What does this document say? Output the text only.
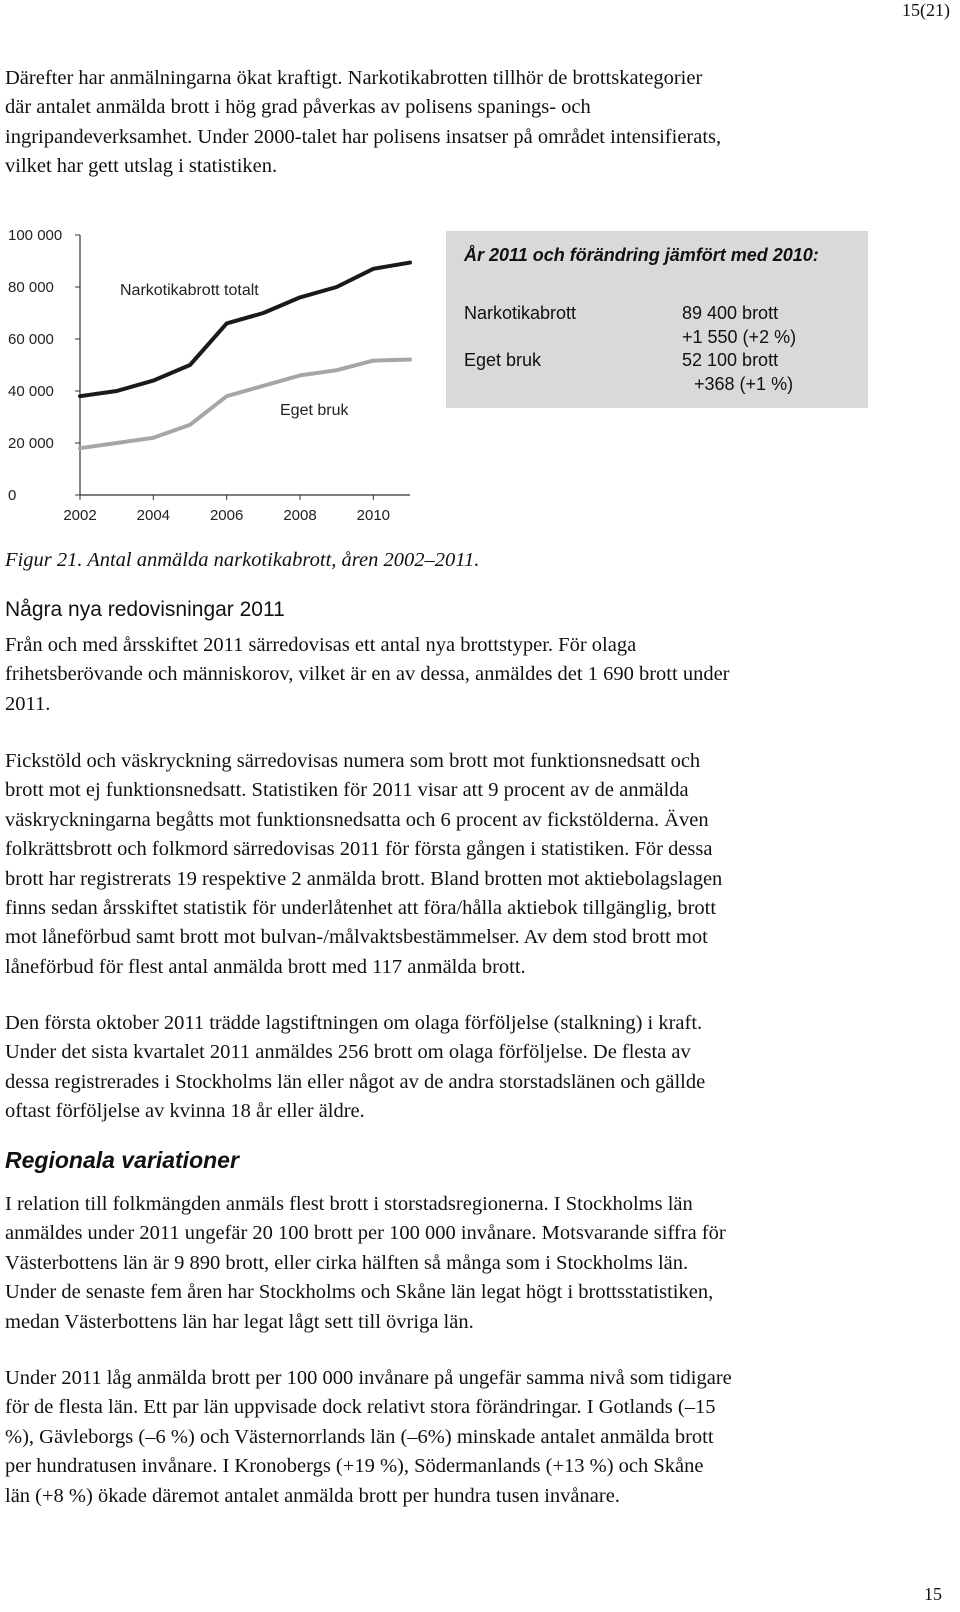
15(21)

Därefter har anmälningarna ökat kraftigt. Narkotikabrotten tillhör de brottskategorier
där antalet anmälda brott i hög grad påverkas av polisens spanings- och
ingripandeverksamhet. Under 2000-talet har polisens insatser på området intensifierats,
vilket har gett utslag i statistiken.

0
20 000
40 000
60 000
80 000
100 000
2002	2004	2006	2008	2010
Narkotikabrott totalt
Eget bruk
År 2011 och förändring jämfört med 2010:
Narkotikabrott	89 400 brott
+1 550 (+2 %)
Eget bruk	52 100 brott
+368 (+1 %)
Figur 21. Antal anmälda narkotikabrott, åren 2002–2011.
Några nya redovisningar 2011

Från och med årsskiftet 2011 särredovisas ett antal nya brottstyper. För olaga
frihetsberövande och människorov, vilket är en av dessa, anmäldes det 1 690 brott under
2011.

Fickstöld och väskryckning särredovisas numera som brott mot funktionsnedsatt och
brott mot ej funktionsnedsatt. Statistiken för 2011 visar att 9 procent av de anmälda
väskryckningarna begåtts mot funktionsnedsatta och 6 procent av fickstölderna. Även
folkrättsbrott och folkmord särredovisas 2011 för första gången i statistiken. För dessa
brott har registrerats 19 respektive 2 anmälda brott. Bland brotten mot aktiebolagslagen
finns sedan årsskiftet statistik för underlåtenhet att föra/hålla aktiebok tillgänglig, brott
mot låneförbud samt brott mot bulvan-/målvaktsbestämmelser. Av dem stod brott mot
låneförbud för flest antal anmälda brott med 117 anmälda brott.

Den första oktober 2011 trädde lagstiftningen om olaga förföljelse (stalkning) i kraft.
Under det sista kvartalet 2011 anmäldes 256 brott om olaga förföljelse. De flesta av
dessa registrerades i Stockholms län eller något av de andra storstadslänen och gällde
oftast förföljelse av kvinna 18 år eller äldre.

Regionala variationer

I relation till folkmängden anmäls flest brott i storstadsregionerna. I Stockholms län
anmäldes under 2011 ungefär 20 100 brott per 100 000 invånare. Motsvarande siffra för
Västerbottens län är 9 890 brott, eller cirka hälften så många som i Stockholms län.
Under de senaste fem åren har Stockholms och Skåne län legat högt i brottsstatistiken,
medan Västerbottens län har legat lågt sett till övriga län.

Under 2011 låg anmälda brott per 100 000 invånare på ungefär samma nivå som tidigare
för de flesta län. Ett par län uppvisade dock relativt stora förändringar. I Gotlands (–15
%), Gävleborgs (–6 %) och Västernorrlands län (–6%) minskade antalet anmälda brott
per hundratusen invånare. I Kronobergs (+19 %), Södermanlands (+13 %) och Skåne
län (+8 %) ökade däremot antalet anmälda brott per hundra tusen invånare.

15
